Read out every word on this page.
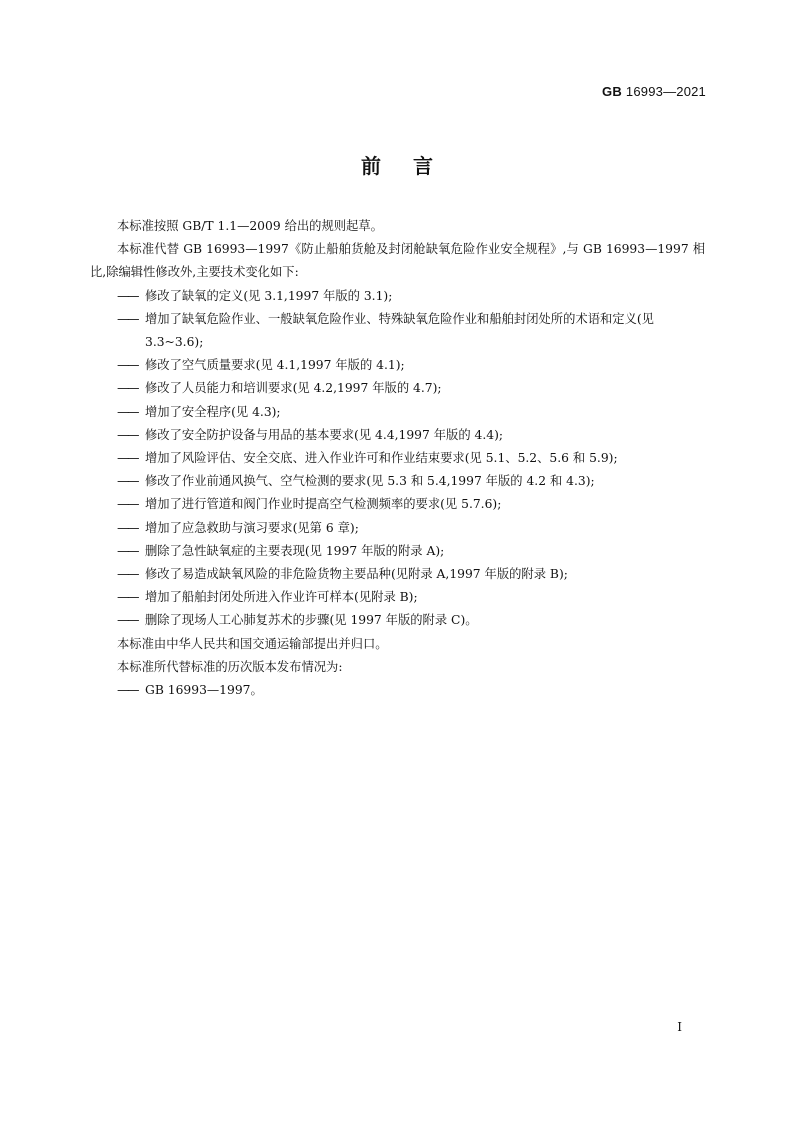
GB 16993—2021
前言

本标准按照 GB/T 1.1—2009 给出的规则起草。

本标准代替 GB 16993—1997《防止船舶货舱及封闭舱缺氧危险作业安全规程》,与 GB 16993—1997 相比,除编辑性修改外,主要技术变化如下:

—— 修改了缺氧的定义(见 3.1,1997 年版的 3.1);

—— 增加了缺氧危险作业、一般缺氧危险作业、特殊缺氧危险作业和船舶封闭处所的术语和定义(见 3.3~3.6);

—— 修改了空气质量要求(见 4.1,1997 年版的 4.1);

—— 修改了人员能力和培训要求(见 4.2,1997 年版的 4.7);

—— 增加了安全程序(见 4.3);

—— 修改了安全防护设备与用品的基本要求(见 4.4,1997 年版的 4.4);

—— 增加了风险评估、安全交底、进入作业许可和作业结束要求(见 5.1、5.2、5.6 和 5.9);

—— 修改了作业前通风换气、空气检测的要求(见 5.3 和 5.4,1997 年版的 4.2 和 4.3);

—— 增加了进行管道和阀门作业时提高空气检测频率的要求(见 5.7.6);

—— 增加了应急救助与演习要求(见第 6 章);

—— 删除了急性缺氧症的主要表现(见 1997 年版的附录 A);

—— 修改了易造成缺氧风险的非危险货物主要品种(见附录 A,1997 年版的附录 B);

—— 增加了船舶封闭处所进入作业许可样本(见附录 B);

—— 删除了现场人工心肺复苏术的步骤(见 1997 年版的附录 C)。

本标准由中华人民共和国交通运输部提出并归口。

本标准所代替标准的历次版本发布情况为:

—— GB 16993—1997。

I
